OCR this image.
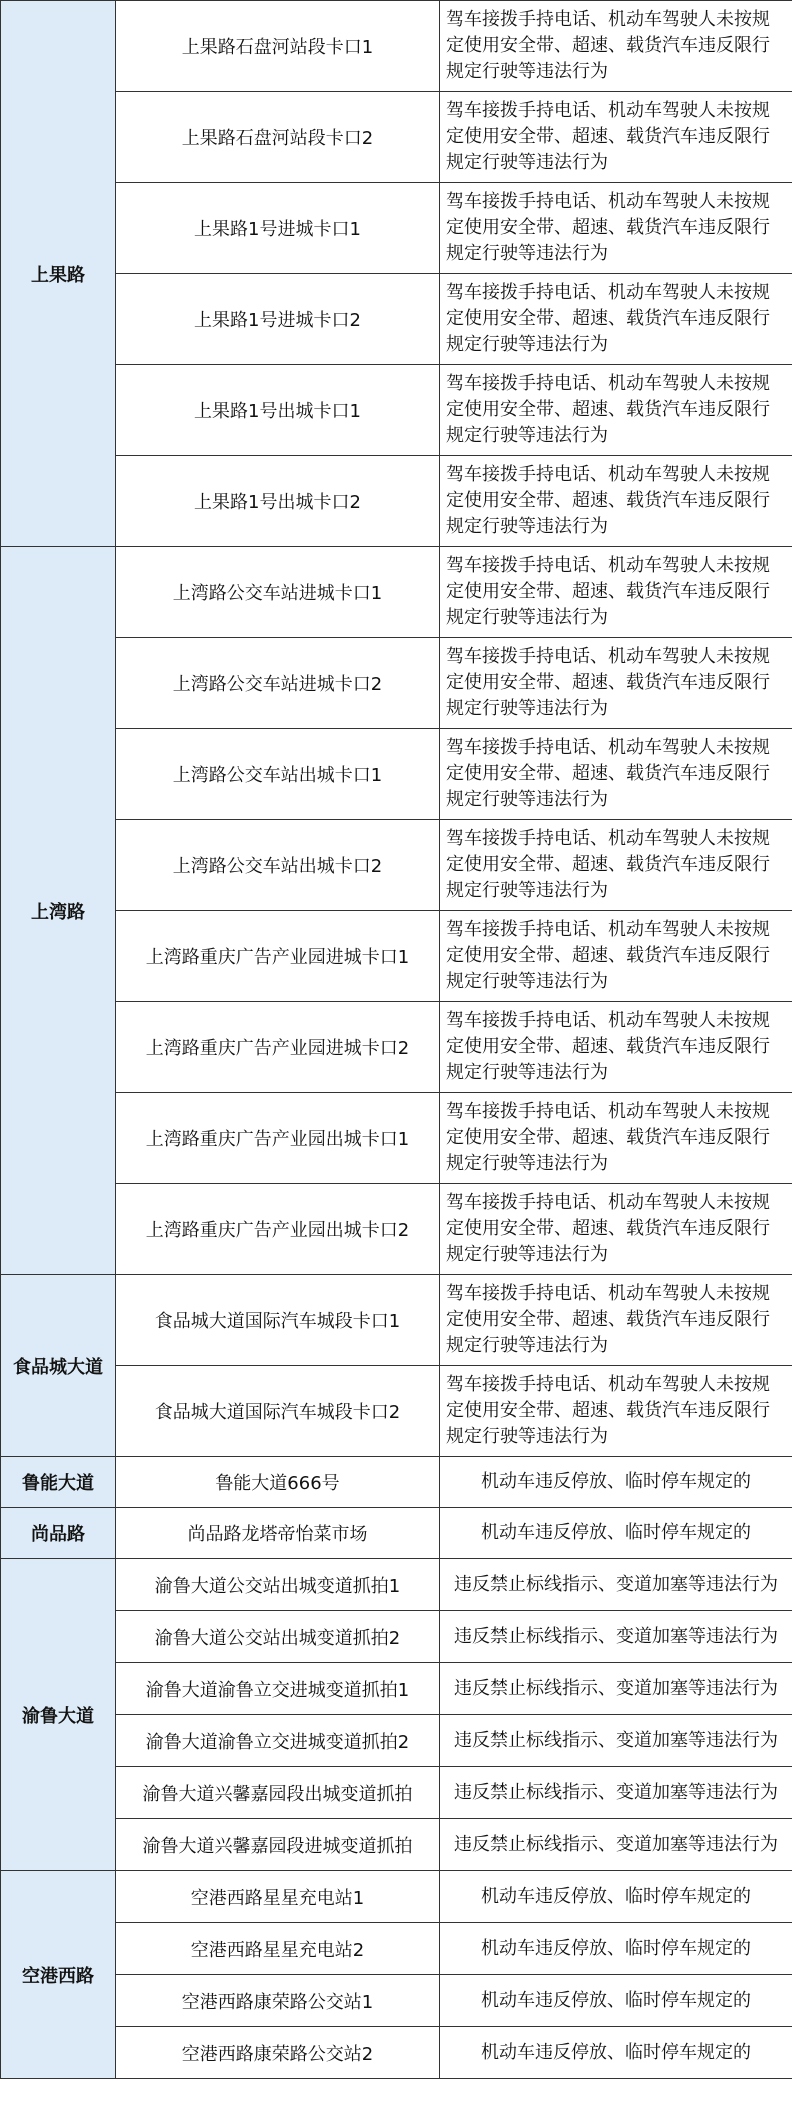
上果路	上果路石盘河站段卡口1	驾车接拨手持电话、机动车驾驶人未按规定使用安全带、超速、载货汽车违反限行规定行驶等违法行为
	上果路石盘河站段卡口2	驾车接拨手持电话、机动车驾驶人未按规定使用安全带、超速、载货汽车违反限行规定行驶等违法行为
	上果路1号进城卡口1	驾车接拨手持电话、机动车驾驶人未按规定使用安全带、超速、载货汽车违反限行规定行驶等违法行为
	上果路1号进城卡口2	驾车接拨手持电话、机动车驾驶人未按规定使用安全带、超速、载货汽车违反限行规定行驶等违法行为
	上果路1号出城卡口1	驾车接拨手持电话、机动车驾驶人未按规定使用安全带、超速、载货汽车违反限行规定行驶等违法行为
	上果路1号出城卡口2	驾车接拨手持电话、机动车驾驶人未按规定使用安全带、超速、载货汽车违反限行规定行驶等违法行为
上湾路	上湾路公交车站进城卡口1	驾车接拨手持电话、机动车驾驶人未按规定使用安全带、超速、载货汽车违反限行规定行驶等违法行为
	上湾路公交车站进城卡口2	驾车接拨手持电话、机动车驾驶人未按规定使用安全带、超速、载货汽车违反限行规定行驶等违法行为
	上湾路公交车站出城卡口1	驾车接拨手持电话、机动车驾驶人未按规定使用安全带、超速、载货汽车违反限行规定行驶等违法行为
	上湾路公交车站出城卡口2	驾车接拨手持电话、机动车驾驶人未按规定使用安全带、超速、载货汽车违反限行规定行驶等违法行为
	上湾路重庆广告产业园进城卡口1	驾车接拨手持电话、机动车驾驶人未按规定使用安全带、超速、载货汽车违反限行规定行驶等违法行为
	上湾路重庆广告产业园进城卡口2	驾车接拨手持电话、机动车驾驶人未按规定使用安全带、超速、载货汽车违反限行规定行驶等违法行为
	上湾路重庆广告产业园出城卡口1	驾车接拨手持电话、机动车驾驶人未按规定使用安全带、超速、载货汽车违反限行规定行驶等违法行为
	上湾路重庆广告产业园出城卡口2	驾车接拨手持电话、机动车驾驶人未按规定使用安全带、超速、载货汽车违反限行规定行驶等违法行为
食品城大道	食品城大道国际汽车城段卡口1	驾车接拨手持电话、机动车驾驶人未按规定使用安全带、超速、载货汽车违反限行规定行驶等违法行为
	食品城大道国际汽车城段卡口2	驾车接拨手持电话、机动车驾驶人未按规定使用安全带、超速、载货汽车违反限行规定行驶等违法行为
鲁能大道	鲁能大道666号	机动车违反停放、临时停车规定的
尚品路	尚品路龙塔帝怡菜市场	机动车违反停放、临时停车规定的
渝鲁大道	渝鲁大道公交站出城变道抓拍1	违反禁止标线指示、变道加塞等违法行为
	渝鲁大道公交站出城变道抓拍2	违反禁止标线指示、变道加塞等违法行为
	渝鲁大道渝鲁立交进城变道抓拍1	违反禁止标线指示、变道加塞等违法行为
	渝鲁大道渝鲁立交进城变道抓拍2	违反禁止标线指示、变道加塞等违法行为
	渝鲁大道兴馨嘉园段出城变道抓拍	违反禁止标线指示、变道加塞等违法行为
	渝鲁大道兴馨嘉园段进城变道抓拍	违反禁止标线指示、变道加塞等违法行为
空港西路	空港西路星星充电站1	机动车违反停放、临时停车规定的
	空港西路星星充电站2	机动车违反停放、临时停车规定的
	空港西路康荣路公交站1	机动车违反停放、临时停车规定的
	空港西路康荣路公交站2	机动车违反停放、临时停车规定的
